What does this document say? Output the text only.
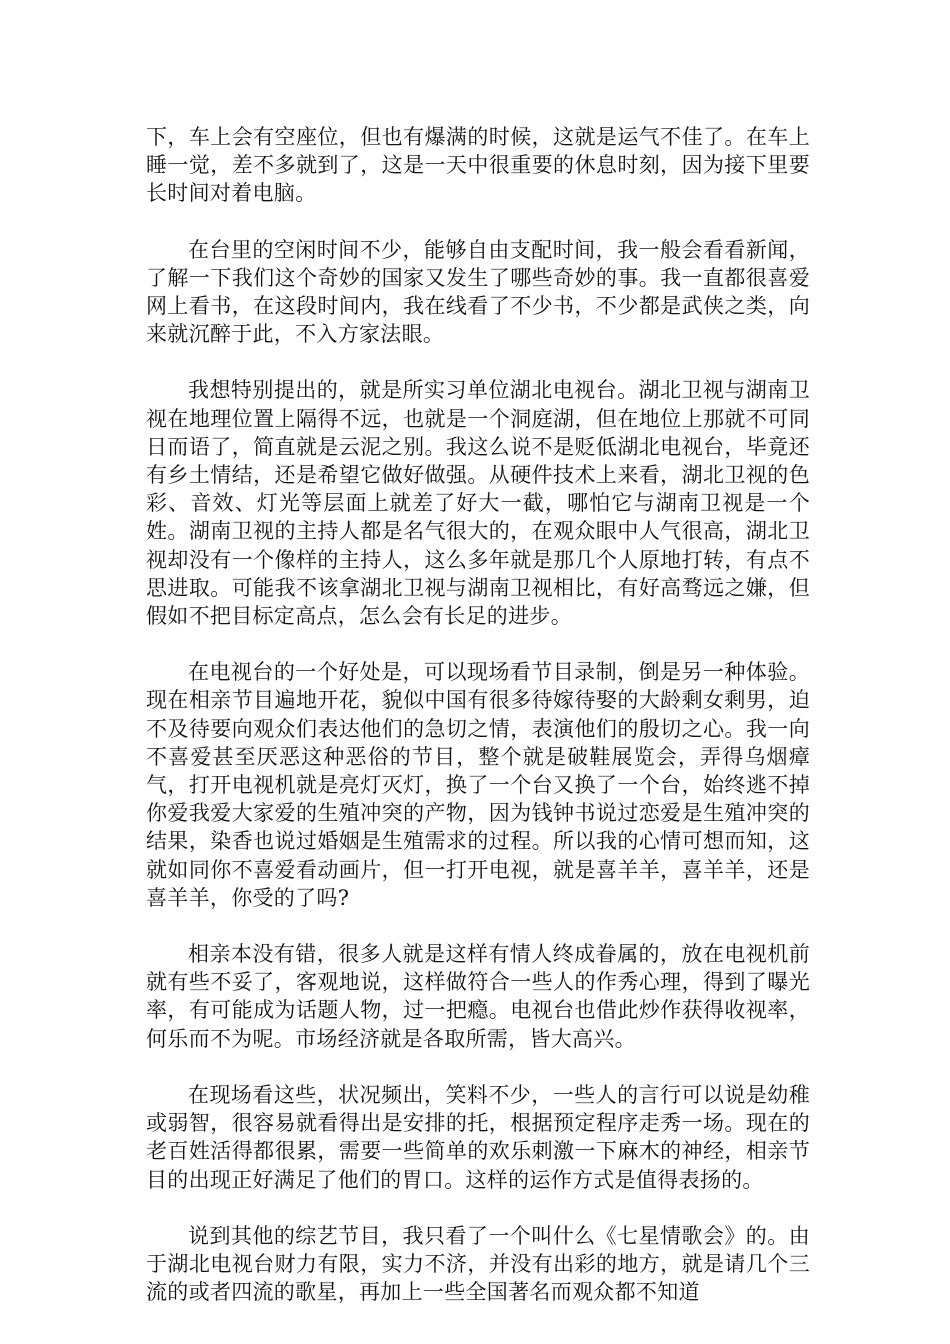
下，车上会有空座位，但也有爆满的时候，这就是运气不佳了。在车上睡一觉，差不多就到了，这是一天中很重要的休息时刻，因为接下里要长时间对着电脑。

在台里的空闲时间不少，能够自由支配时间，我一般会看看新闻，了解一下我们这个奇妙的国家又发生了哪些奇妙的事。我一直都很喜爱网上看书，在这段时间内，我在线看了不少书，不少都是武侠之类，向来就沉醉于此，不入方家法眼。

我想特别提出的，就是所实习单位湖北电视台。湖北卫视与湖南卫视在地理位置上隔得不远，也就是一个洞庭湖，但在地位上那就不可同日而语了，简直就是云泥之别。我这么说不是贬低湖北电视台，毕竟还有乡土情结，还是希望它做好做强。从硬件技术上来看，湖北卫视的色彩、音效、灯光等层面上就差了好大一截，哪怕它与湖南卫视是一个姓。湖南卫视的主持人都是名气很大的，在观众眼中人气很高，湖北卫视却没有一个像样的主持人，这么多年就是那几个人原地打转，有点不思进取。可能我不该拿湖北卫视与湖南卫视相比，有好高骛远之嫌，但假如不把目标定高点，怎么会有长足的进步。

在电视台的一个好处是，可以现场看节目录制，倒是另一种体验。现在相亲节目遍地开花，貌似中国有很多待嫁待娶的大龄剩女剩男，迫不及待要向观众们表达他们的急切之情，表演他们的殷切之心。我一向不喜爱甚至厌恶这种恶俗的节目，整个就是破鞋展览会，弄得乌烟瘴气，打开电视机就是亮灯灭灯，换了一个台又换了一个台，始终逃不掉你爱我爱大家爱的生殖冲突的产物，因为钱钟书说过恋爱是生殖冲突的结果，染香也说过婚姻是生殖需求的过程。所以我的心情可想而知，这就如同你不喜爱看动画片，但一打开电视，就是喜羊羊，喜羊羊，还是喜羊羊，你受的了吗?

相亲本没有错，很多人就是这样有情人终成眷属的，放在电视机前就有些不妥了，客观地说，这样做符合一些人的作秀心理，得到了曝光率，有可能成为话题人物，过一把瘾。电视台也借此炒作获得收视率，何乐而不为呢。市场经济就是各取所需，皆大高兴。

在现场看这些，状况频出，笑料不少，一些人的言行可以说是幼稚或弱智，很容易就看得出是安排的托，根据预定程序走秀一场。现在的老百姓活得都很累，需要一些简单的欢乐刺激一下麻木的神经，相亲节目的出现正好满足了他们的胃口。这样的运作方式是值得表扬的。

说到其他的综艺节目，我只看了一个叫什么《七星情歌会》的。由于湖北电视台财力有限，实力不济，并没有出彩的地方，就是请几个三流的或者四流的歌星，再加上一些全国著名而观众都不知道
